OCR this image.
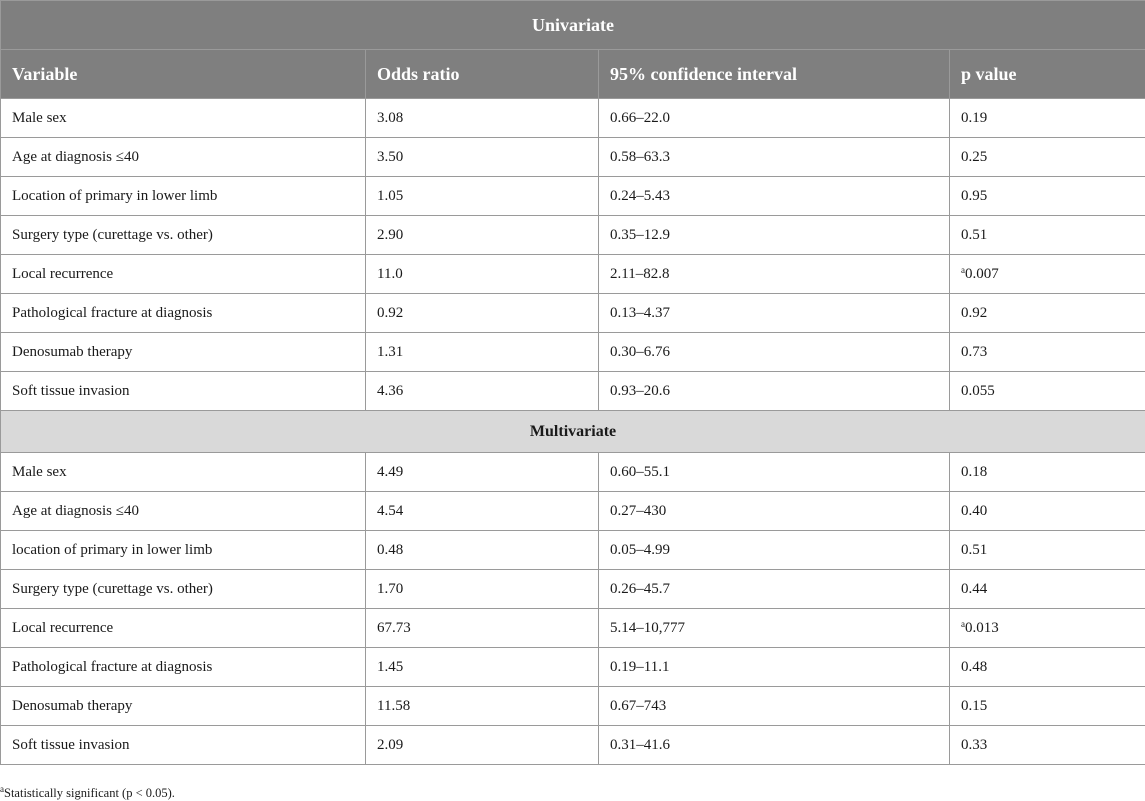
Univariate			
Variable	Odds ratio	95% confidence interval	p value
Male sex	3.08	0.66–22.0	0.19
Age at diagnosis ≤40	3.50	0.58–63.3	0.25
Location of primary in lower limb	1.05	0.24–5.43	0.95
Surgery type (curettage vs. other)	2.90	0.35–12.9	0.51
Local recurrence	11.0	2.11–82.8	$^a$0.007
Pathological fracture at diagnosis	0.92	0.13–4.37	0.92
Denosumab therapy	1.31	0.30–6.76	0.73
Soft tissue invasion	4.36	0.93–20.6	0.055
Multivariate			
Male sex	4.49	0.60–55.1	0.18
Age at diagnosis ≤40	4.54	0.27–430	0.40
location of primary in lower limb	0.48	0.05–4.99	0.51
Surgery type (curettage vs. other)	1.70	0.26–45.7	0.44
Local recurrence	67.73	5.14–10,777	$^a$0.013
Pathological fracture at diagnosis	1.45	0.19–11.1	0.48
Denosumab therapy	11.58	0.67–743	0.15
Soft tissue invasion	2.09	0.31–41.6	0.33
$^a$Statistically significant (p < 0.05).
